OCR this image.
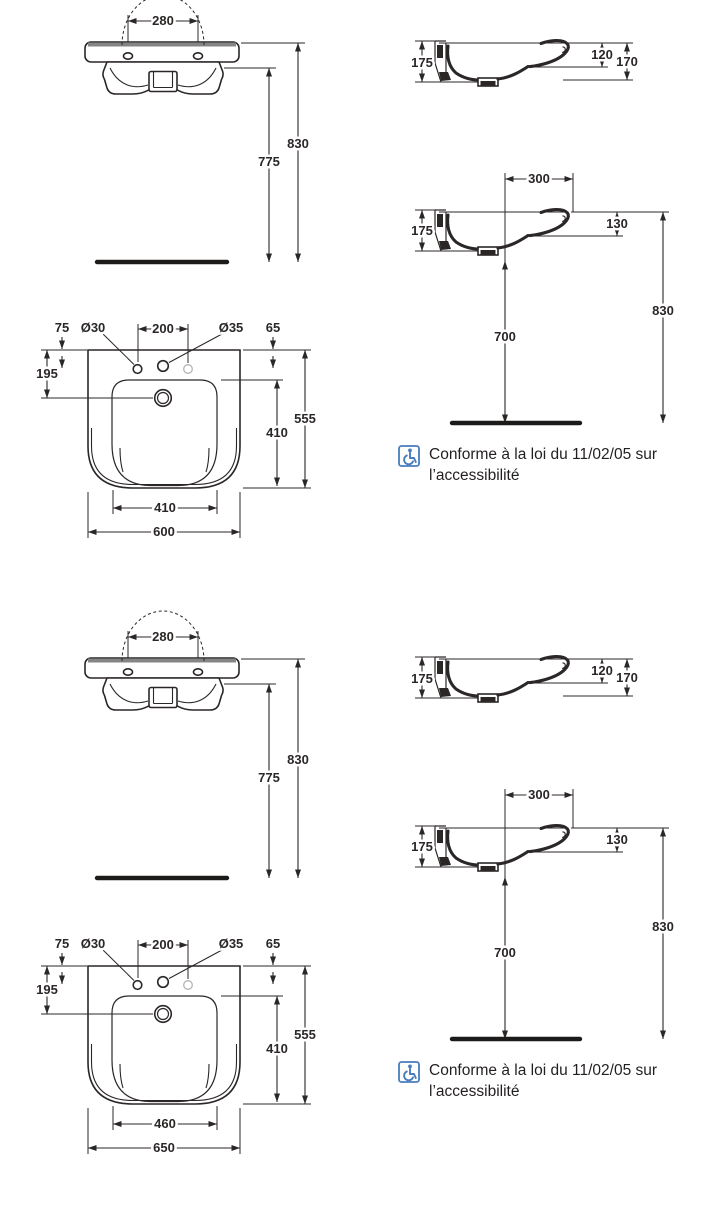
280
830
775
175
120 170
300
175	130
700
830
75 Ø30	200	Ø35 65
195
555
410
410
600
Conforme à la loi du 11/02/05 sur
l’accessibilité
280
830
775
175
120 170
300
175	130
700
830
75 Ø30	200	Ø35 65
195
555
410
460
650
Conforme à la loi du 11/02/05 sur
l’accessibilité
